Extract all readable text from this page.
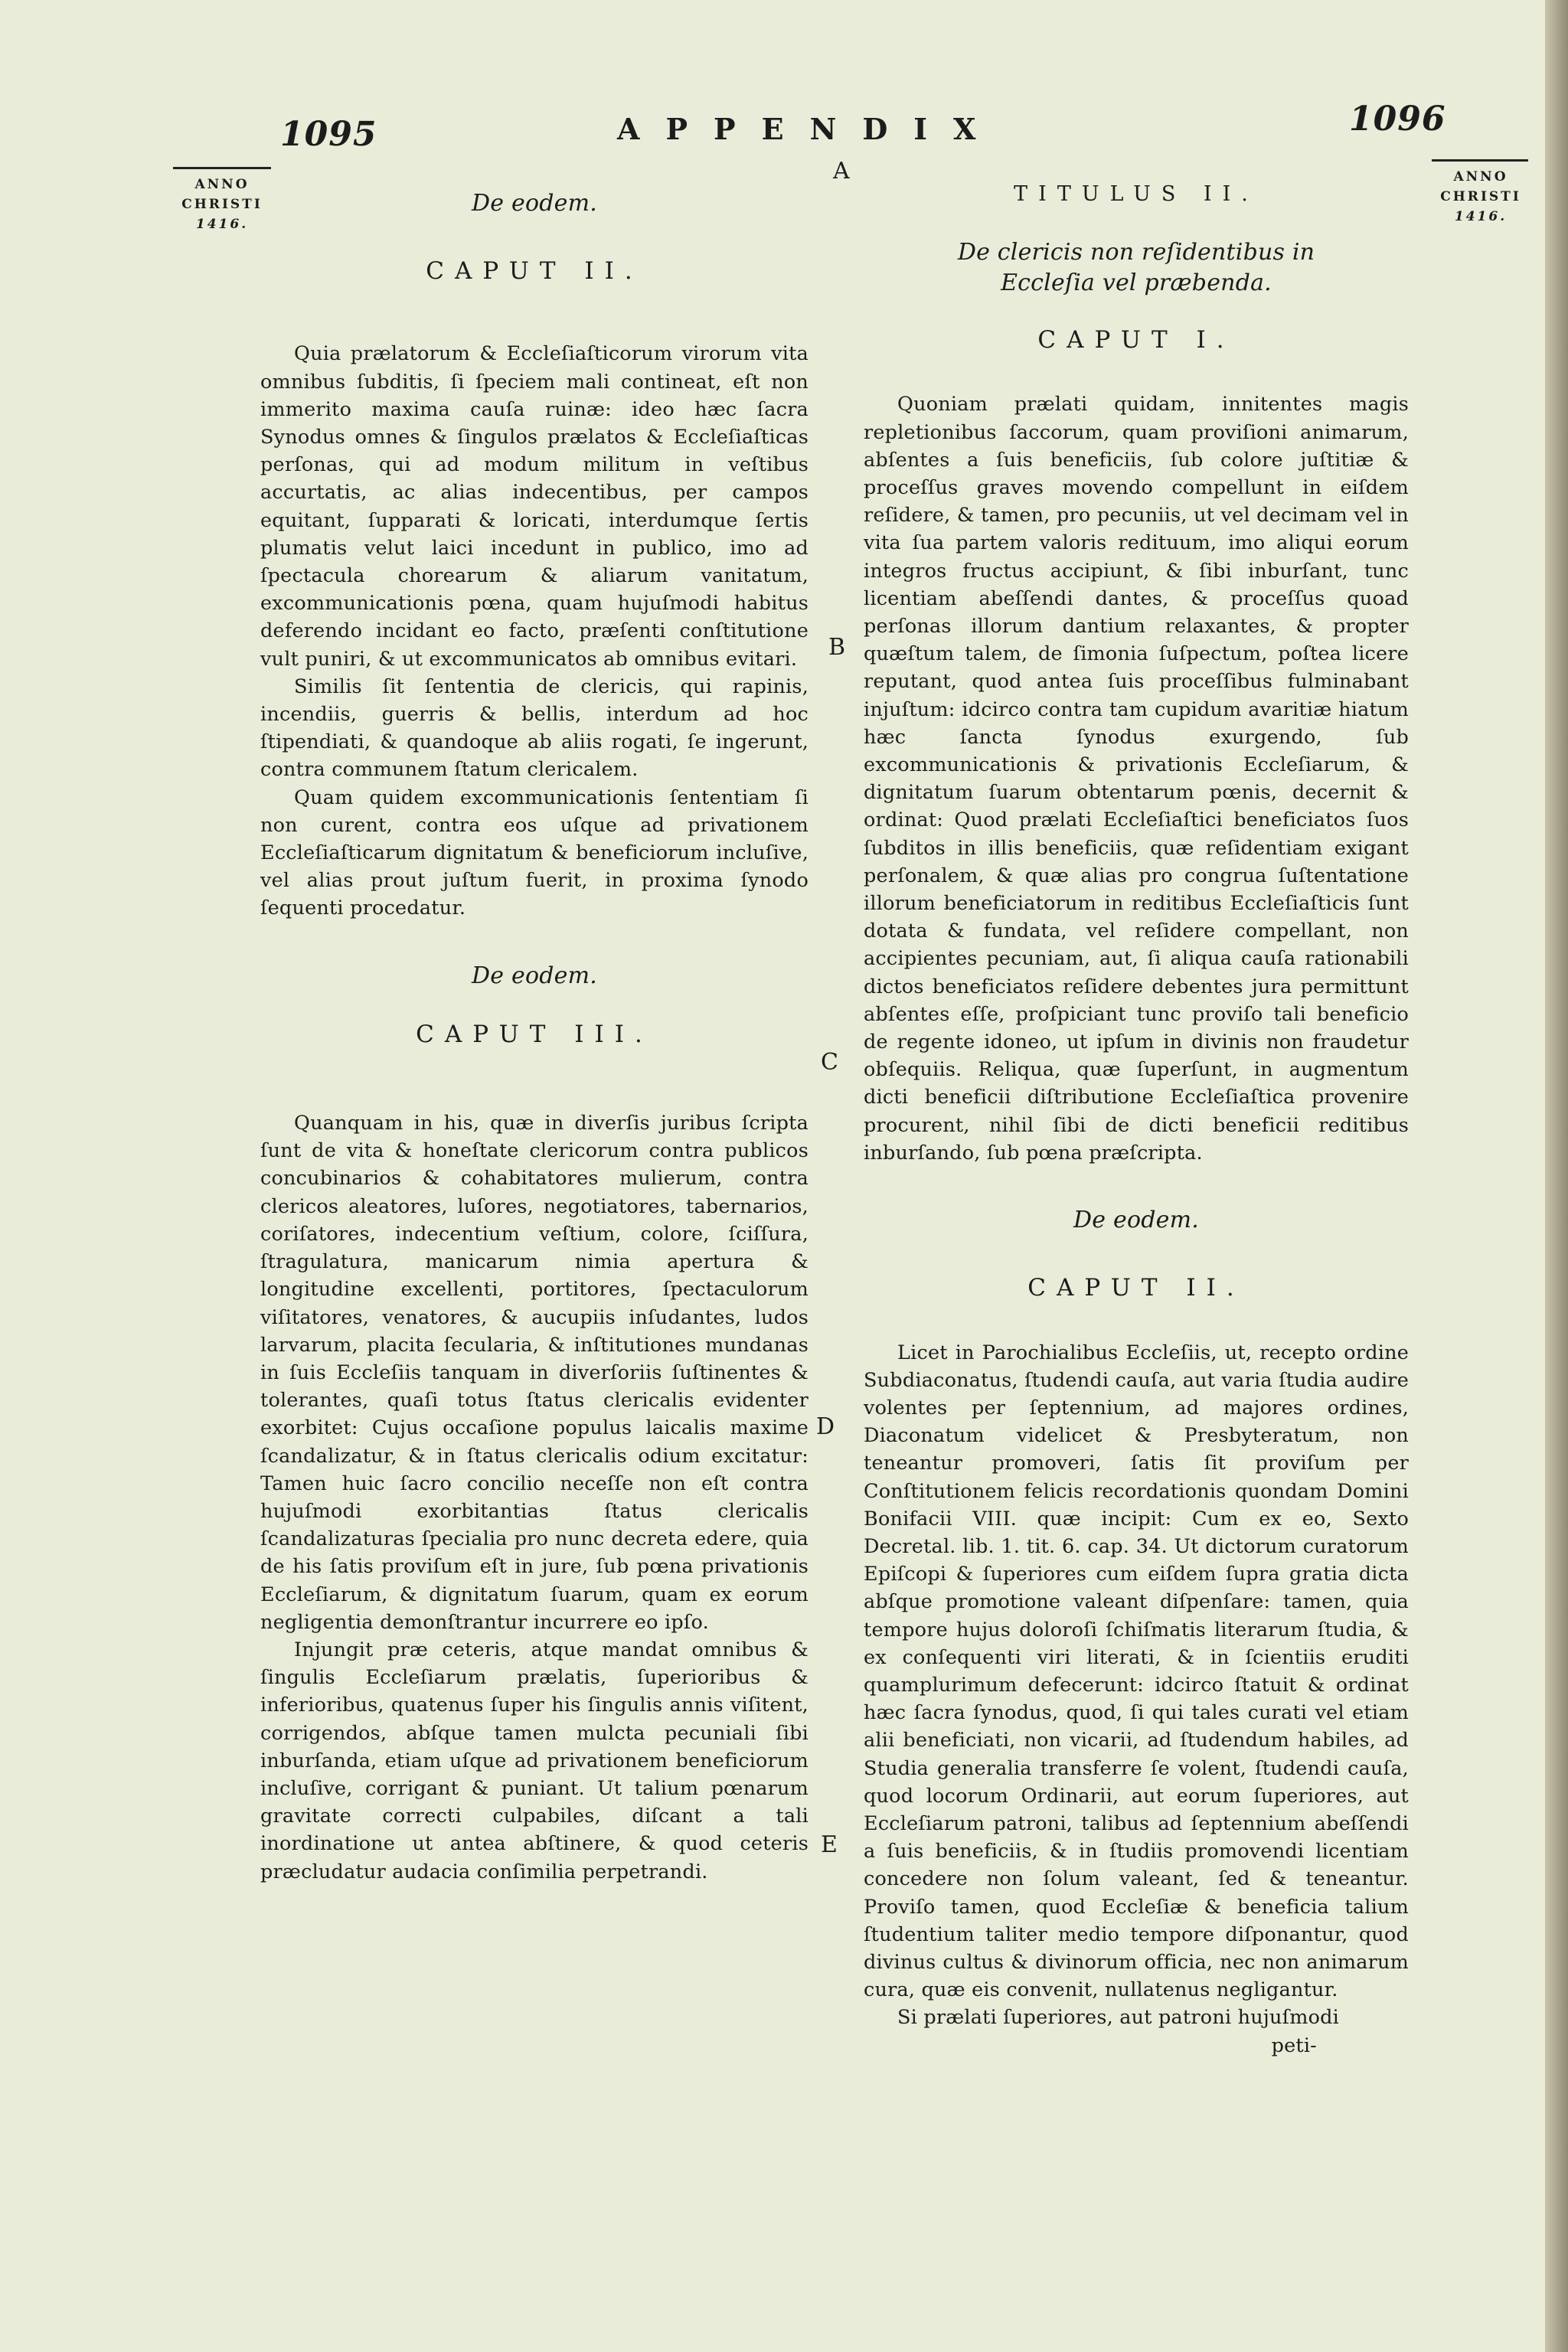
1095	APPENDIX	1096
ANNO
CHRISTI
1416.
ANNO
CHRISTI
1416.
A
B
C
D
E
De eodem.
CAPUT II.

Quia prælatorum & Eccleſiaſticorum virorum vita omnibus ſubditis, ſi ſpeciem mali contineat, eſt non immerito maxima cauſa ruinæ: ideo hæc ſacra Synodus omnes & ſingulos prælatos & Eccleſiaſticas perſonas, qui ad modum militum in veſtibus accurtatis, ac alias indecentibus, per campos equitant, ſupparati & loricati, interdumque ſertis plumatis velut laici incedunt in publico, imo ad ſpectacula chorearum & aliarum vanitatum, excommunicationis pœna, quam hujuſmodi habitus deferendo incidant eo facto, præſenti conſtitutione vult puniri, & ut excommunicatos ab omnibus evitari.

Similis ſit ſententia de clericis, qui rapinis, incendiis, guerris & bellis, interdum ad hoc ſtipendiati, & quandoque ab aliis rogati, ſe ingerunt, contra communem ſtatum clericalem.

Quam quidem excommunicationis ſententiam ſi non curent, contra eos uſque ad privationem Eccleſiaſticarum dignitatum & beneficiorum incluſive, vel alias prout juſtum fuerit, in proxima ſynodo ſequenti procedatur.

De eodem.
CAPUT III.

Quanquam in his, quæ in diverſis juribus ſcripta ſunt de vita & honeſtate clericorum contra publicos concubinarios & cohabitatores mulierum, contra clericos aleatores, luſores, negotiatores, tabernarios, coriſatores, indecentium veſtium, colore, ſciſſura, ſtragulatura, manicarum nimia apertura & longitudine excellenti, portitores, ſpectaculorum viſitatores, venatores, & aucupiis inſudantes, ludos larvarum, placita ſecularia, & inſtitutiones mundanas in ſuis Eccleſiis tanquam in diverſoriis ſuſtinentes & tolerantes, quaſi totus ſtatus clericalis evidenter exorbitet: Cujus occaſione populus laicalis maxime ſcandalizatur, & in ſtatus clericalis odium excitatur: Tamen huic ſacro concilio neceſſe non eſt contra hujuſmodi exorbitantias ſtatus clericalis ſcandalizaturas ſpecialia pro nunc decreta edere, quia de his ſatis proviſum eſt in jure, ſub pœna privationis Eccleſiarum, & dignitatum ſuarum, quam ex eorum negligentia demonſtrantur incurrere eo ipſo.

Injungit præ ceteris, atque mandat omnibus & ſingulis Eccleſiarum prælatis, ſuperioribus & inferioribus, quatenus ſuper his ſingulis annis viſitent, corrigendos, abſque tamen mulcta pecuniali ſibi inburſanda, etiam uſque ad privationem beneficiorum incluſive, corrigant & puniant. Ut talium pœnarum gravitate correcti culpabiles, diſcant a tali inordinatione ut antea abſtinere, & quod ceteris præcludatur audacia conſimilia perpetrandi.

TITULUS II.
De clericis non reſidentibus in Eccleſia vel præbenda.
CAPUT I.

Quoniam prælati quidam, innitentes magis repletionibus ſaccorum, quam proviſioni animarum, abſentes a ſuis beneficiis, ſub colore juſtitiæ & proceſſus graves movendo compellunt in eiſdem reſidere, & tamen, pro pecuniis, ut vel decimam vel in vita ſua partem valoris redituum, imo aliqui eorum integros fructus accipiunt, & ſibi inburſant, tunc licentiam abeſſendi dantes, & proceſſus quoad perſonas illorum dantium relaxantes, & propter quæſtum talem, de ſimonia ſuſpectum, poſtea licere reputant, quod antea ſuis proceſſibus fulminabant injuſtum: idcirco contra tam cupidum avaritiæ hiatum hæc ſancta ſynodus exurgendo, ſub excommunicationis & privationis Eccleſiarum, & dignitatum ſuarum obtentarum pœnis, decernit & ordinat: Quod prælati Eccleſiaſtici beneficiatos ſuos ſubditos in illis beneficiis, quæ reſidentiam exigant perſonalem, & quæ alias pro congrua ſuſtentatione illorum beneficiatorum in reditibus Eccleſiaſticis ſunt dotata & fundata, vel reſidere compellant, non accipientes pecuniam, aut, ſi aliqua cauſa rationabili dictos beneficiatos reſidere debentes jura permittunt abſentes eſſe, proſpiciant tunc proviſo tali beneficio de regente idoneo, ut ipſum in divinis non fraudetur obſequiis. Reliqua, quæ ſuperſunt, in augmentum dicti beneficii diſtributione Eccleſiaſtica provenire procurent, nihil ſibi de dicti beneficii reditibus inburſando, ſub pœna præſcripta.

De eodem.
CAPUT II.

Licet in Parochialibus Eccleſiis, ut, recepto ordine Subdiaconatus, ſtudendi cauſa, aut varia ſtudia audire volentes per ſeptennium, ad majores ordines, Diaconatum videlicet & Presbyteratum, non teneantur promoveri, ſatis ſit proviſum per Conſtitutionem felicis recordationis quondam Domini Bonifacii VIII. quæ incipit: Cum ex eo, Sexto Decretal. lib. 1. tit. 6. cap. 34. Ut dictorum curatorum Epiſcopi & ſuperiores cum eiſdem ſupra gratia dicta abſque promotione valeant diſpenſare: tamen, quia tempore hujus doloroſi ſchiſmatis literarum ſtudia, & ex conſequenti viri literati, & in ſcientiis eruditi quamplurimum defecerunt: idcirco ſtatuit & ordinat hæc ſacra ſynodus, quod, ſi qui tales curati vel etiam alii beneficiati, non vicarii, ad ſtudendum habiles, ad Studia generalia transferre ſe volent, ſtudendi cauſa, quod locorum Ordinarii, aut eorum ſuperiores, aut Eccleſiarum patroni, talibus ad ſeptennium abeſſendi a ſuis beneficiis, & in ſtudiis promovendi licentiam concedere non ſolum valeant, ſed & teneantur. Proviſo tamen, quod Eccleſiæ & beneficia talium ſtudentium taliter medio tempore diſponantur, quod divinus cultus & divinorum officia, nec non animarum cura, quæ eis convenit, nullatenus negligantur.

Si prælati ſuperiores, aut patroni hujuſmodi

peti-
